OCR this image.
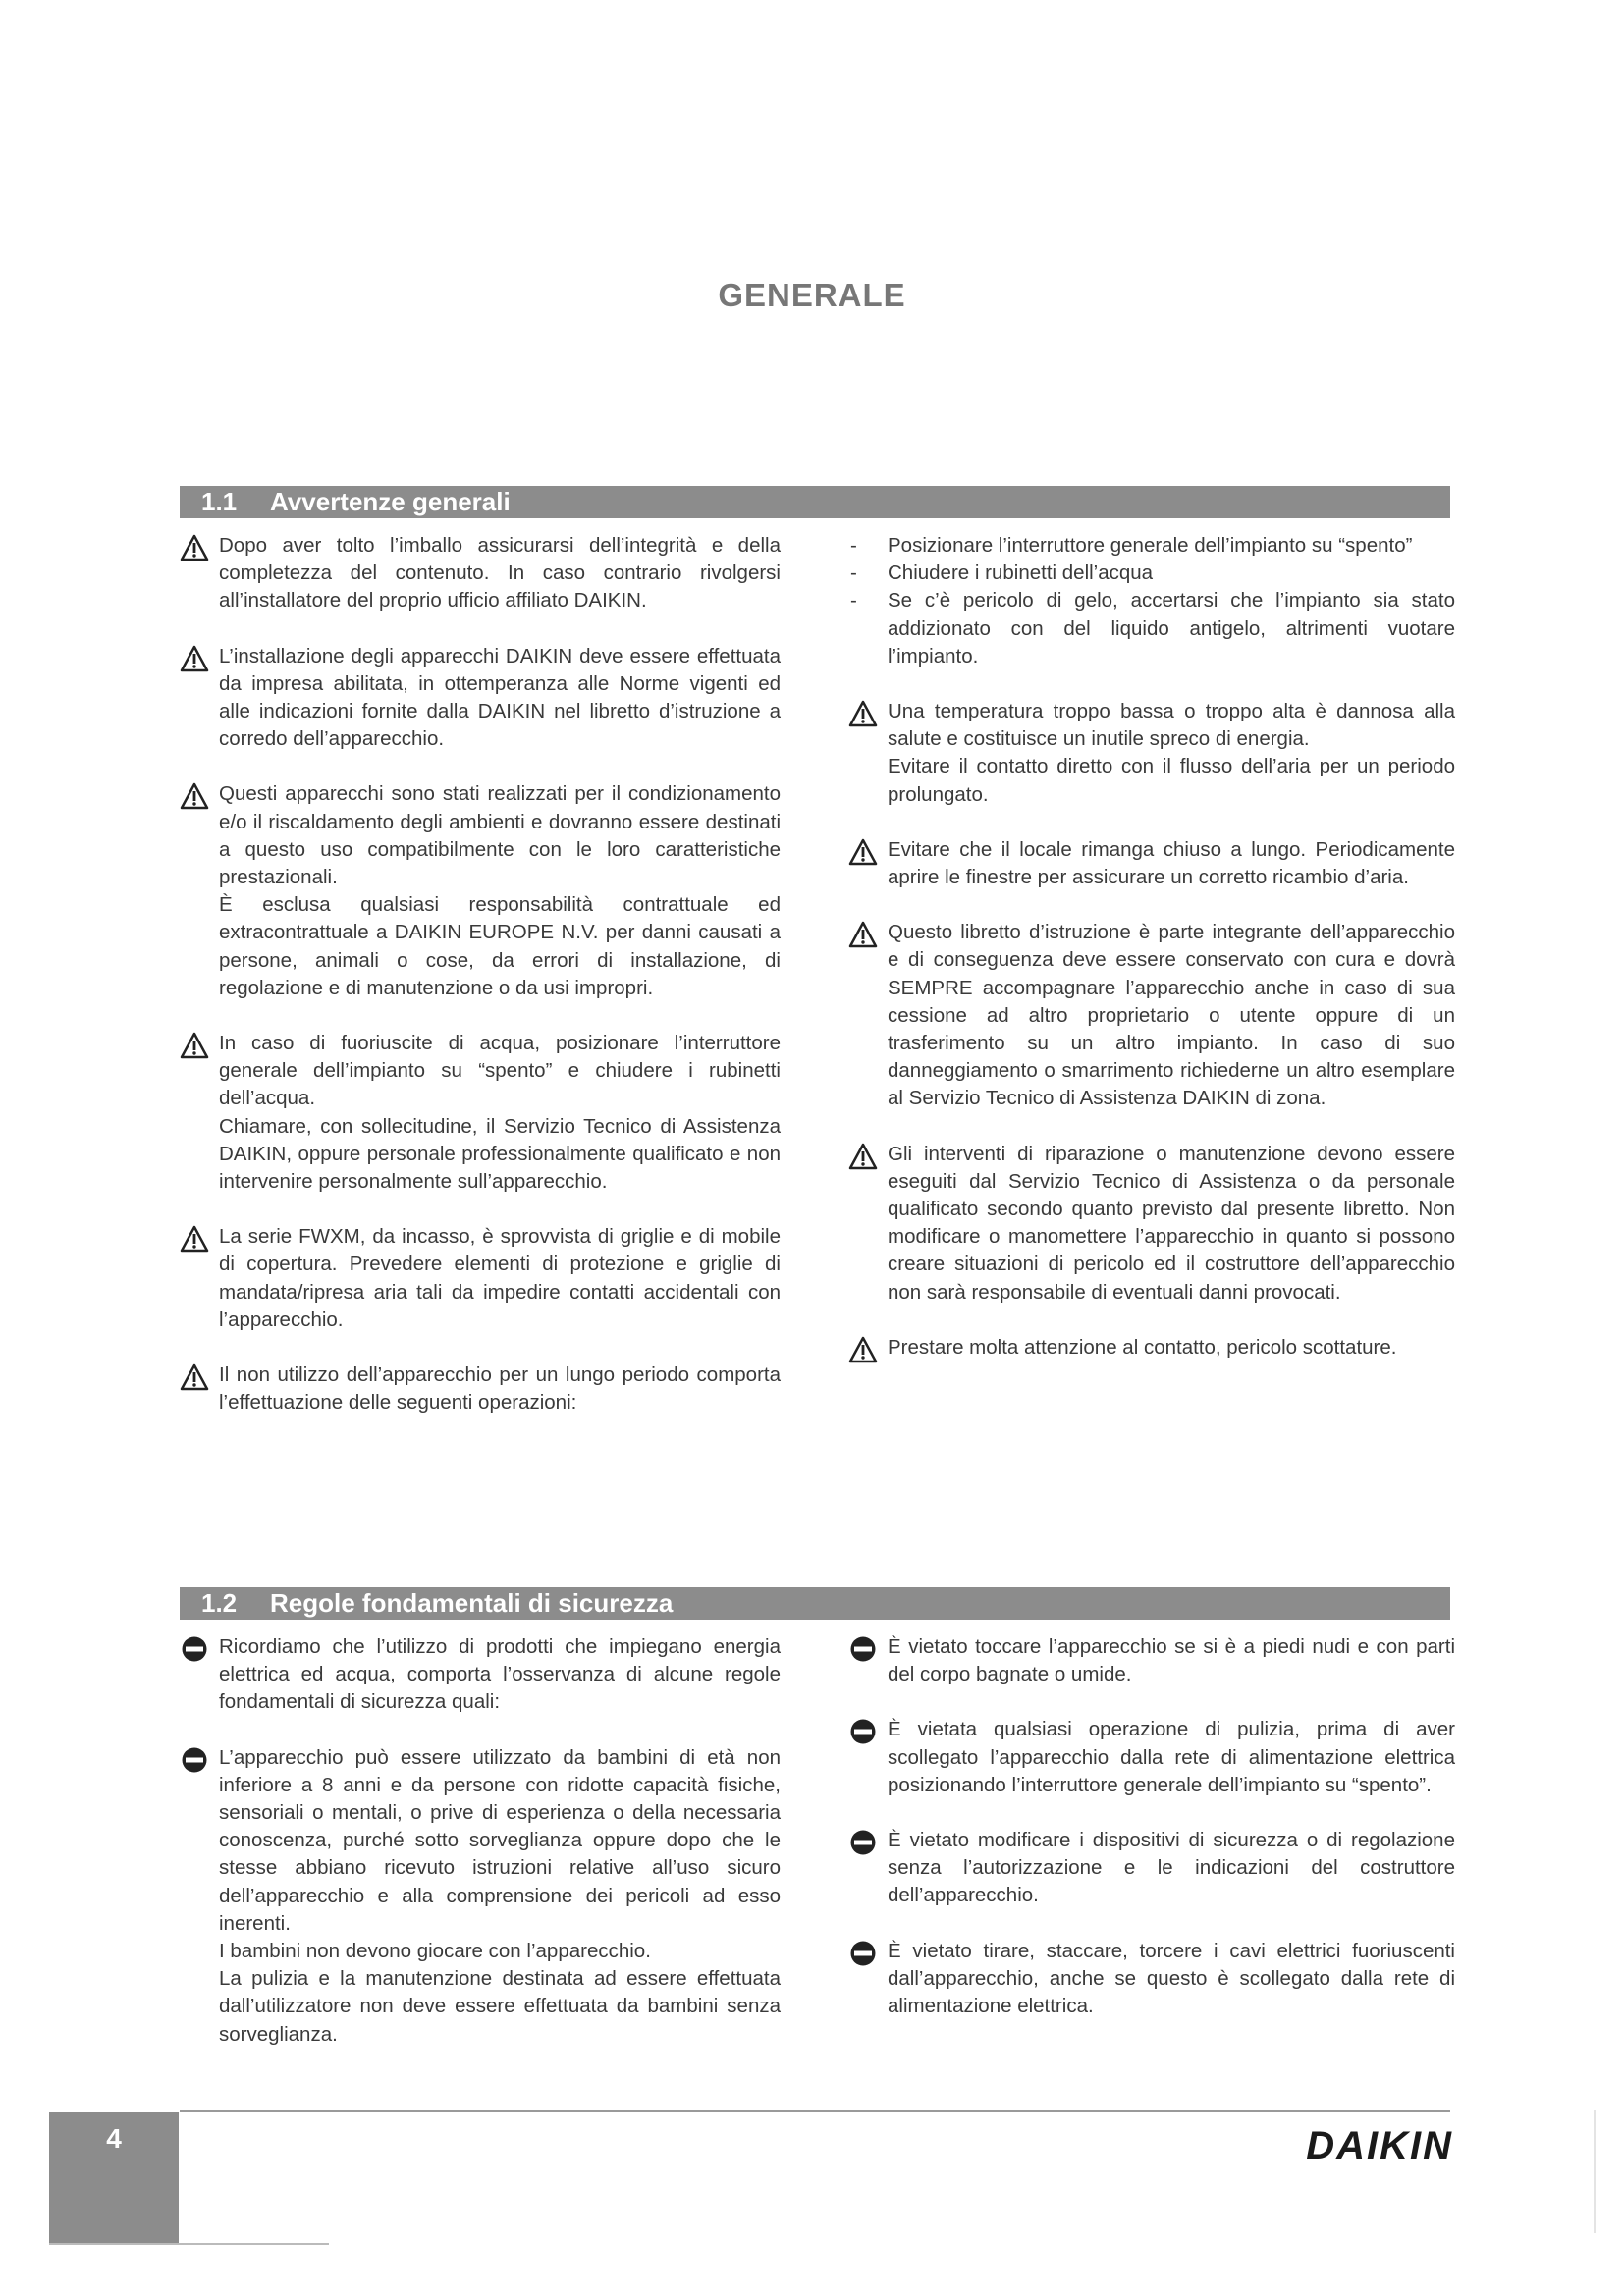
GENERALE
1.1 Avvertenze generali

Dopo aver tolto l’imballo assicurarsi dell’integrità e della completezza del contenuto. In caso contrario rivolgersi all’installatore del proprio ufficio affiliato DAIKIN.

L’installazione degli apparecchi DAIKIN deve essere effettuata da impresa abilitata, in ottemperanza alle Norme vigenti ed alle indicazioni fornite dalla DAIKIN nel libretto d’istruzione a corredo dell’apparecchio.

Questi apparecchi sono stati realizzati per il condizionamento e/o il riscaldamento degli ambienti e dovranno essere destinati a questo uso compatibilmente con le loro caratteristiche prestazionali.

È esclusa qualsiasi responsabilità contrattuale ed extracontrattuale a DAIKIN EUROPE N.V. per danni causati a persone, animali o cose, da errori di installazione, di regolazione e di manutenzione o da usi impropri.

In caso di fuoriuscite di acqua, posizionare l’interruttore generale dell’impianto su “spento” e chiudere i rubinetti dell’acqua.

Chiamare, con sollecitudine, il Servizio Tecnico di Assistenza DAIKIN, oppure personale professionalmente qualificato e non intervenire personalmente sull’apparecchio.

La serie FWXM, da incasso, è sprovvista di griglie e di mobile di copertura. Prevedere elementi di protezione e griglie di mandata/ripresa aria tali da impedire contatti accidentali con l’apparecchio.

Il non utilizzo dell’apparecchio per un lungo periodo comporta l’effettuazione delle seguenti operazioni:

- Posizionare l’interruttore generale dell’impianto su “spento”

- Chiudere i rubinetti dell’acqua

- Se c’è pericolo di gelo, accertarsi che l’impianto sia stato addizionato con del liquido antigelo, altrimenti vuotare l’impianto.

Una temperatura troppo bassa o troppo alta è dannosa alla salute e costituisce un inutile spreco di energia.

Evitare il contatto diretto con il flusso dell’aria per un periodo prolungato.

Evitare che il locale rimanga chiuso a lungo. Periodicamente aprire le finestre per assicurare un corretto ricambio d’aria.

Questo libretto d’istruzione è parte integrante dell’apparecchio e di conseguenza deve essere conservato con cura e dovrà SEMPRE accompagnare l’apparecchio anche in caso di sua cessione ad altro proprietario o utente oppure di un trasferimento su un altro impianto. In caso di suo danneggiamento o smarrimento richiederne un altro esemplare al Servizio Tecnico di Assistenza DAIKIN di zona.

Gli interventi di riparazione o manutenzione devono essere eseguiti dal Servizio Tecnico di Assistenza o da personale qualificato secondo quanto previsto dal presente libretto. Non modificare o manomettere l’apparecchio in quanto si possono creare situazioni di pericolo ed il costruttore dell’apparecchio non sarà responsabile di eventuali danni provocati.

Prestare molta attenzione al contatto, pericolo scottature.

1.2 Regole fondamentali di sicurezza

Ricordiamo che l’utilizzo di prodotti che impiegano energia elettrica ed acqua, comporta l’osservanza di alcune regole fondamentali di sicurezza quali:

L’apparecchio può essere utilizzato da bambini di età non inferiore a 8 anni e da persone con ridotte capacità fisiche, sensoriali o mentali, o prive di esperienza o della necessaria conoscenza, purché sotto sorveglianza oppure dopo che le stesse abbiano ricevuto istruzioni relative all’uso sicuro dell’apparecchio e alla comprensione dei pericoli ad esso inerenti.

I bambini non devono giocare con l’apparecchio.

La pulizia e la manutenzione destinata ad essere effettuata dall’utilizzatore non deve essere effettuata da bambini senza sorveglianza.

È vietato toccare l’apparecchio se si è a piedi nudi e con parti del corpo bagnate o umide.

È vietata qualsiasi operazione di pulizia, prima di aver scollegato l’apparecchio dalla rete di alimentazione elettrica posizionando l’interruttore generale dell’impianto su “spento”.

È vietato modificare i dispositivi di sicurezza o di regolazione senza l’autorizzazione e le indicazioni del costruttore dell’apparecchio.

È vietato tirare, staccare, torcere i cavi elettrici fuoriuscenti dall’apparecchio, anche se questo è scollegato dalla rete di alimentazione elettrica.

4	DAIKIN
